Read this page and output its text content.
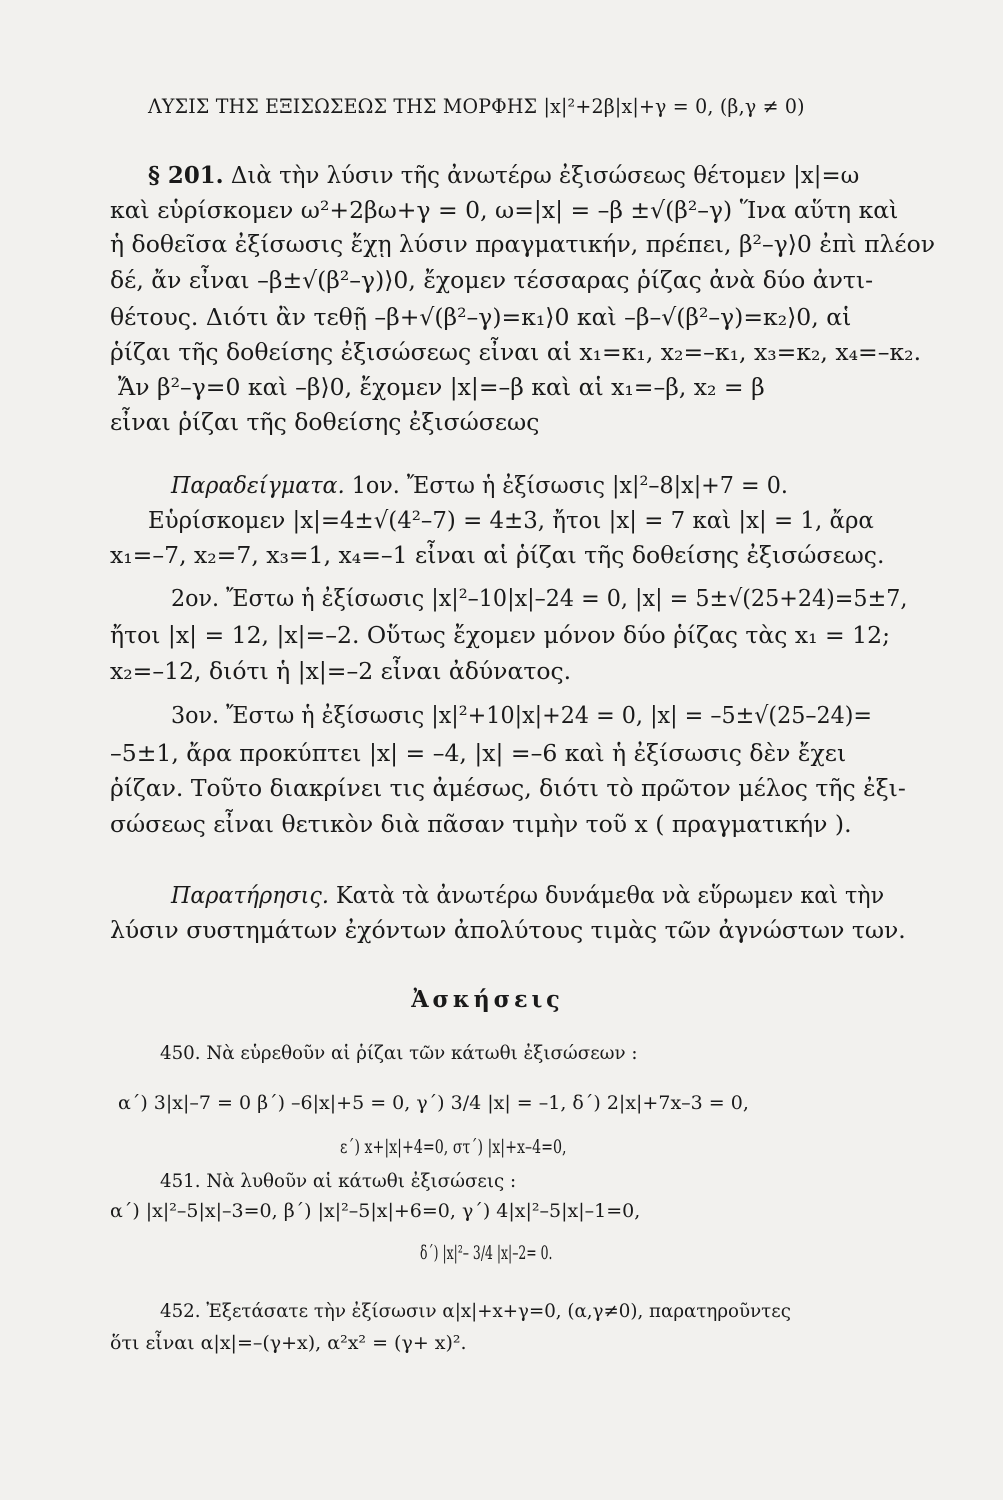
ΛΥΣΙΣ ΤΗΣ ΕΞΙΣΩΣΕΩΣ ΤΗΣ ΜΟΡΦΗΣ |x|²+2β|x|+γ = 0, (β,γ ≠ 0)
§ 201. Διὰ τὴν λύσιν τῆς ἀνωτέρω ἐξισώσεως θέτομεν |x|=ω
καὶ εὑρίσκομεν ω²+2βω+γ = 0, ω=|x| = –β ±√(β²–γ) Ἵνα αὕτη καὶ
ἡ δοθεῖσα ἐξίσωσις ἔχῃ λύσιν πραγματικήν, πρέπει, β²–γ⟩0 ἐπὶ πλέον
δέ, ἄν εἶναι –β±√(β²–γ)⟩0, ἔχομεν τέσσαρας ῥίζας ἀνὰ δύο ἀντι-
θέτους. Διότι ἂν τεθῇ –β+√(β²–γ)=κ₁⟩0 καὶ –β–√(β²–γ)=κ₂⟩0, αἱ
ῥίζαι τῆς δοθείσης ἐξισώσεως εἶναι αἱ x₁=κ₁, x₂=–κ₁, x₃=κ₂, x₄=–κ₂.
Ἄν β²–γ=0 καὶ –β⟩0, ἔχομεν |x|=–β καὶ αἱ x₁=–β, x₂ = β
εἶναι ῥίζαι τῆς δοθείσης ἐξισώσεως
Παραδείγματα. 1ον. Ἔστω ἡ ἐξίσωσις |x|²–8|x|+7 = 0.
Εὑρίσκομεν |x|=4±√(4²–7) = 4±3, ἤτοι |x| = 7 καὶ |x| = 1, ἄρα
x₁=–7, x₂=7, x₃=1, x₄=–1 εἶναι αἱ ῥίζαι τῆς δοθείσης ἐξισώσεως.
2ον. Ἔστω ἡ ἐξίσωσις |x|²–10|x|–24 = 0, |x| = 5±√(25+24)=5±7,
ἤτοι |x| = 12, |x|=–2. Οὕτως ἔχομεν μόνον δύο ῥίζας τὰς x₁ = 12;
x₂=–12, διότι ἡ |x|=–2 εἶναι ἀδύνατος.
3ον. Ἔστω ἡ ἐξίσωσις |x|²+10|x|+24 = 0, |x| = –5±√(25–24)=
–5±1, ἄρα προκύπτει |x| = –4, |x| =–6 καὶ ἡ ἐξίσωσις δὲν ἔχει
ῥίζαν. Τοῦτο διακρίνει τις ἀμέσως, διότι τὸ πρῶτον μέλος τῆς ἐξι-
σώσεως εἶναι θετικὸν διὰ πᾶσαν τιμὴν τοῦ x ( πραγματικήν ).
Παρατήρησις. Κατὰ τὰ ἀνωτέρω δυνάμεθα νὰ εὕρωμεν καὶ τὴν
λύσιν συστημάτων ἐχόντων ἀπολύτους τιμὰς τῶν ἀγνώστων των.
Ἀσκήσεις
450. Νὰ εὑρεθοῦν αἱ ῥίζαι τῶν κάτωθι ἐξισώσεων :
α΄) 3|x|–7 = 0 β΄) –6|x|+5 = 0, γ΄) 3/4 |x| = –1, δ΄) 2|x|+7x–3 = 0,
ε΄) x+|x|+4=0, στ΄) |x|+x–4=0,
451. Νὰ λυθοῦν αἱ κάτωθι ἐξισώσεις :
α΄) |x|²–5|x|–3=0, β΄) |x|²–5|x|+6=0, γ΄) 4|x|²–5|x|–1=0,
δ΄) |x|²– 3/4 |x|–2= 0.
452. Ἐξετάσατε τὴν ἐξίσωσιν α|x|+x+γ=0, (α,γ≠0), παρατηροῦντες
ὅτι εἶναι α|x|=–(γ+x), α²x² = (γ+ x)².
